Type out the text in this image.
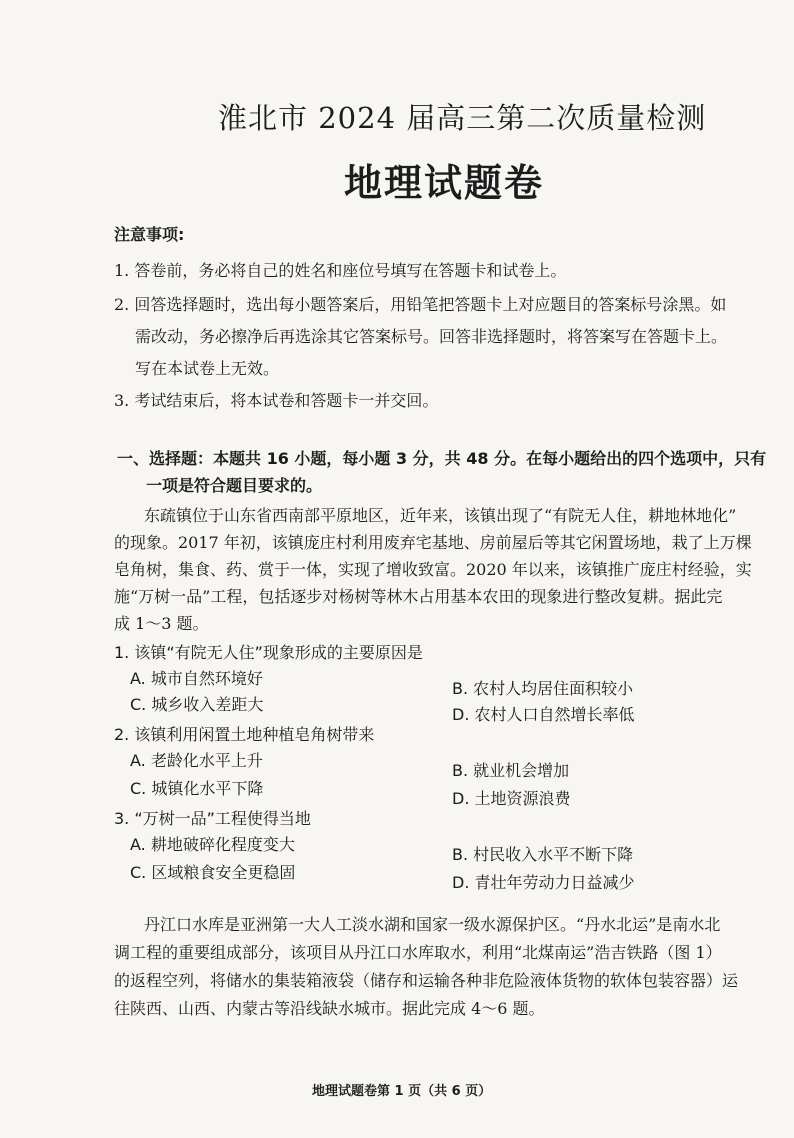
淮北市 2024 届高三第二次质量检测
地理试题卷
注意事项:
1. 答卷前，务必将自己的姓名和座位号填写在答题卡和试卷上。
2. 回答选择题时，选出每小题答案后，用铅笔把答题卡上对应题目的答案标号涂黑。如
需改动，务必擦净后再选涂其它答案标号。回答非选择题时，将答案写在答题卡上。
写在本试卷上无效。
3. 考试结束后，将本试卷和答题卡一并交回。
一、选择题：本题共 16 小题，每小题 3 分，共 48 分。在每小题给出的四个选项中，只有
一项是符合题目要求的。
东疏镇位于山东省西南部平原地区，近年来，该镇出现了“有院无人住，耕地林地化”
的现象。2017 年初，该镇庞庄村利用废弃宅基地、房前屋后等其它闲置场地，栽了上万棵
皂角树，集食、药、赏于一体，实现了增收致富。2020 年以来，该镇推广庞庄村经验，实
施“万树一品”工程，包括逐步对杨树等林木占用基本农田的现象进行整改复耕。据此完
成 1～3 题。
1. 该镇“有院无人住”现象形成的主要原因是
A. 城市自然环境好
B. 农村人均居住面积较小
C. 城乡收入差距大
D. 农村人口自然增长率低
2. 该镇利用闲置土地种植皂角树带来
A. 老龄化水平上升
B. 就业机会增加
C. 城镇化水平下降
D. 土地资源浪费
3. “万树一品”工程使得当地
A. 耕地破碎化程度变大
B. 村民收入水平不断下降
C. 区域粮食安全更稳固
D. 青壮年劳动力日益减少
丹江口水库是亚洲第一大人工淡水湖和国家一级水源保护区。“丹水北运”是南水北
调工程的重要组成部分，该项目从丹江口水库取水，利用“北煤南运”浩吉铁路（图 1）
的返程空列，将储水的集装箱液袋（储存和运输各种非危险液体货物的软体包装容器）运
往陕西、山西、内蒙古等沿线缺水城市。据此完成 4～6 题。
地理试题卷第 1 页（共 6 页）
